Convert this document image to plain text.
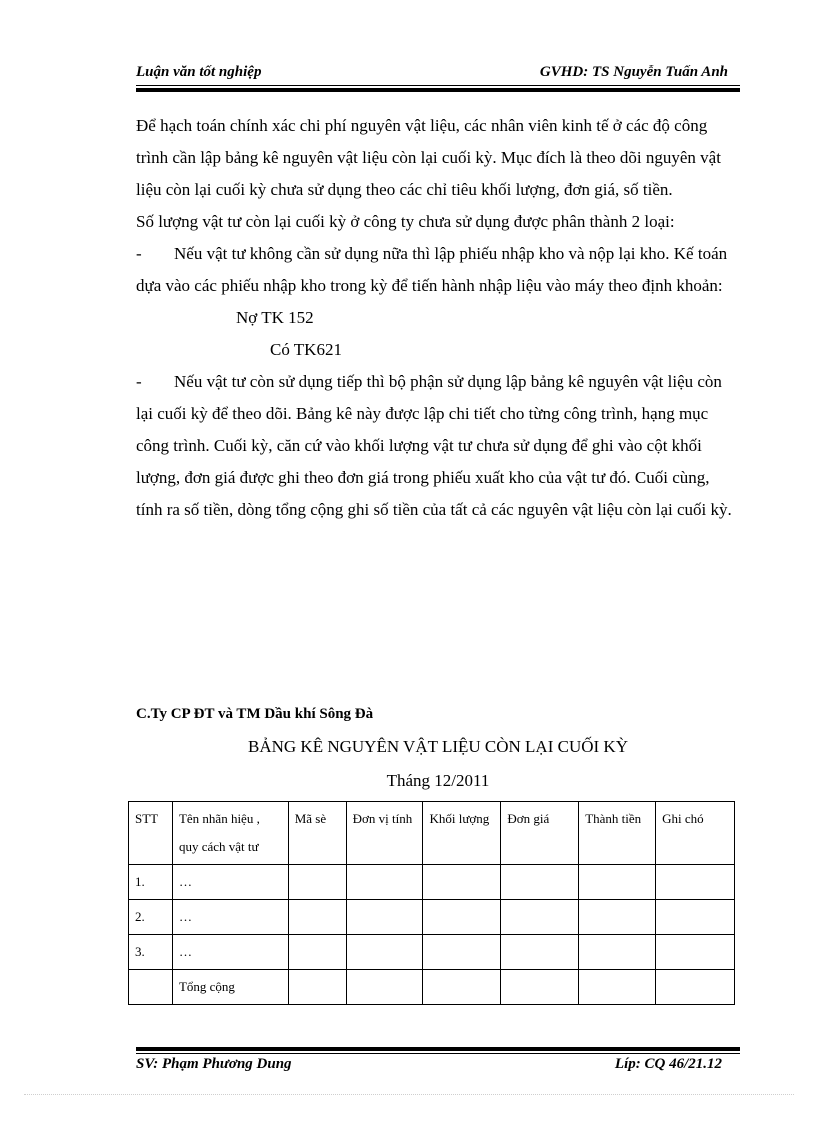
Luận văn tốt nghiệp	GVHD: TS Nguyễn Tuấn Anh

Để hạch toán chính xác chi phí nguyên vật liệu, các nhân viên kinh tế ở các độ công trình cần lập bảng kê nguyên vật liệu còn lại cuối kỳ. Mục đích là theo dõi nguyên vật liệu còn lại cuối kỳ chưa sử dụng theo các chỉ tiêu khối lượng, đơn giá, số tiền.

Số lượng vật tư còn lại cuối kỳ ở công ty chưa sử dụng được phân thành 2 loại:

- Nếu vật tư không cần sử dụng nữa thì lập phiếu nhập kho và nộp lại kho. Kế toán dựa vào các phiếu nhập kho trong kỳ để tiến hành nhập liệu vào máy theo định khoản:

Nợ TK 152

Có TK621

- Nếu vật tư còn sử dụng tiếp thì bộ phận sử dụng lập bảng kê nguyên vật liệu còn lại cuối kỳ để theo dõi. Bảng kê này được lập chi tiết cho từng công trình, hạng mục công trình. Cuối kỳ, căn cứ vào khối lượng vật tư chưa sử dụng để ghi vào cột khối lượng, đơn giá được ghi theo đơn giá trong phiếu xuất kho của vật tư đó. Cuối cùng, tính ra số tiền, dòng tổng cộng ghi số tiền của tất cả các nguyên vật liệu còn lại cuối kỳ.

C.Ty CP ĐT và TM Dầu khí Sông Đà
BẢNG KÊ NGUYÊN VẬT LIỆU CÒN LẠI CUỐI KỲ
Tháng 12/2011
STT	Tên nhãn hiệu , quy cách vật tư	Mã sè	Đơn vị tính	Khối lượng	Đơn giá	Thành tiền	Ghi chó
1.	…						
2.	…						
3.	…						
	Tổng cộng						
SV: Phạm Phương Dung	Líp: CQ 46/21.12
